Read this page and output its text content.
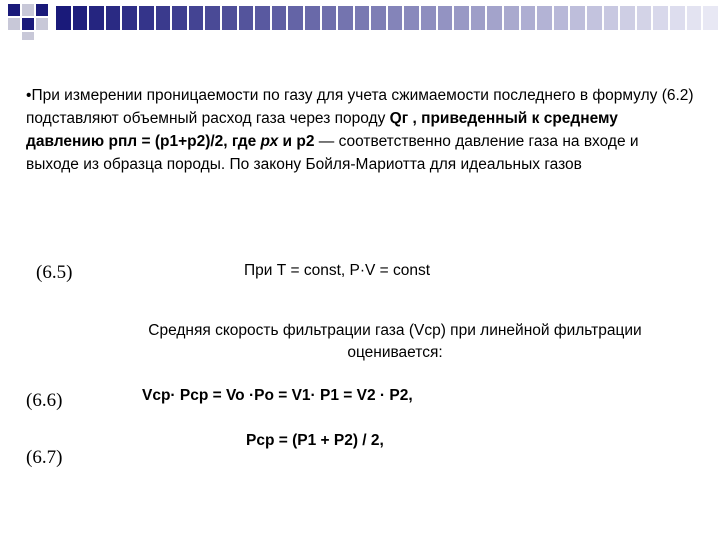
•При измерении проницаемости по газу для учета сжимаемости последнего в формулу (6.2) подставляют объемный расход газа через породу Qг , приведенный к среднему давлению рпл = (р1+р2)/2, где рх и р2 — соответственно давление газа на входе и выходе из образца породы. По закону Бойля-Мариотта для идеальных газов
(6.5)	При Т = const, P·V = const
Средняя скорость фильтрации газа (Vср) при линейной фильтрации оценивается:
(6.6)	Vср· Рср = Vo ·Рo = V1· P1 = V2 · P2,
(6.7)
Рср = (Р1 + Р2) / 2,
